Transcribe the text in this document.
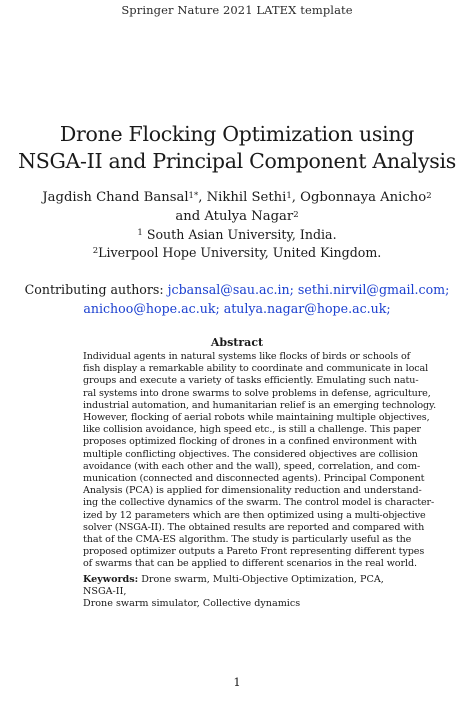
Springer Nature 2021 LATEX template
Drone Flocking Optimization using
NSGA-II and Principal Component Analysis
Jagdish Chand Bansal$^{1*}$, Nikhil Sethi$^1$, Ogbonnaya Anicho$^2$
and Atulya Nagar$^2$
$^1$ South Asian University, India.
$^2$Liverpool Hope University, United Kingdom.
Contributing authors: jcbansal@sau.ac.in; sethi.nirvil@gmail.com;
anichoo@hope.ac.uk; atulya.nagar@hope.ac.uk;
Abstract
Individual agents in natural systems like flocks of birds or schools of
fish display a remarkable ability to coordinate and communicate in local
groups and execute a variety of tasks efficiently. Emulating such natu-
ral systems into drone swarms to solve problems in defense, agriculture,
industrial automation, and humanitarian relief is an emerging technology.
However, flocking of aerial robots while maintaining multiple objectives,
like collision avoidance, high speed etc., is still a challenge. This paper
proposes optimized flocking of drones in a confined environment with
multiple conflicting objectives. The considered objectives are collision
avoidance (with each other and the wall), speed, correlation, and com-
munication (connected and disconnected agents). Principal Component
Analysis (PCA) is applied for dimensionality reduction and understand-
ing the collective dynamics of the swarm. The control model is character-
ized by 12 parameters which are then optimized using a multi-objective
solver (NSGA-II). The obtained results are reported and compared with
that of the CMA-ES algorithm. The study is particularly useful as the
proposed optimizer outputs a Pareto Front representing different types
of swarms that can be applied to different scenarios in the real world.
Keywords: Drone swarm, Multi-Objective Optimization, PCA, NSGA-II,
Drone swarm simulator, Collective dynamics
1
